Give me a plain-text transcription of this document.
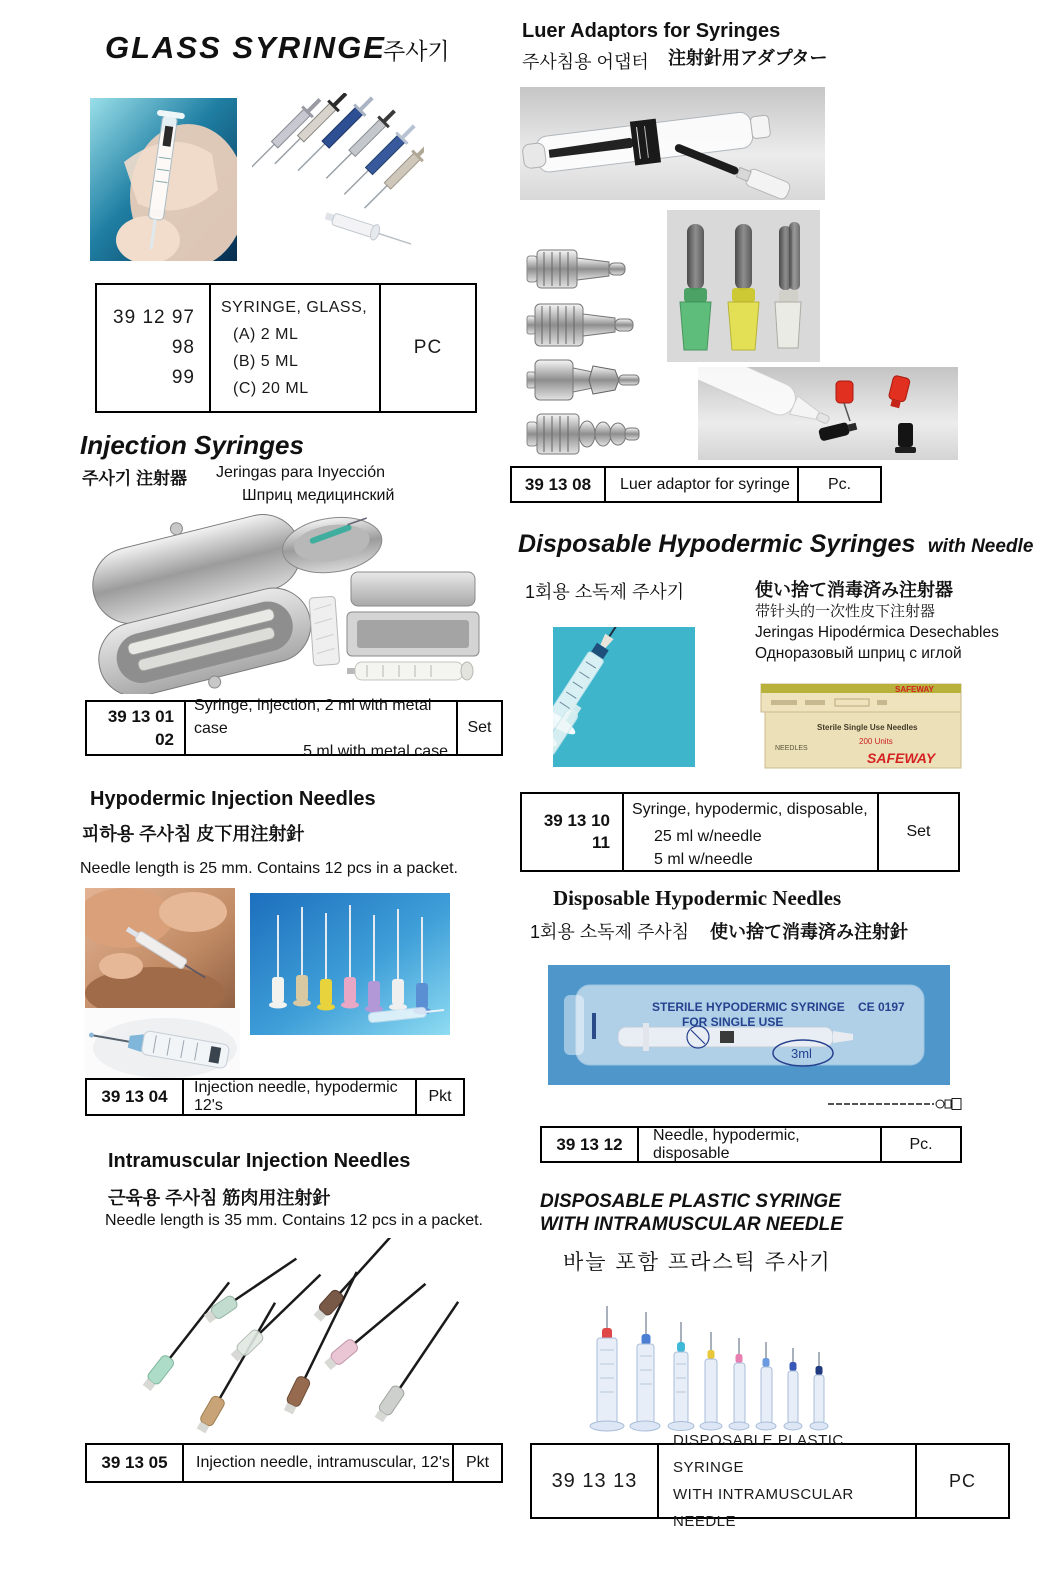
GLASS SYRINGE
주사기
39 12 97
98
99
SYRINGE, GLASS,
(A) 2 ML
(B) 5 ML
(C) 20 ML
PC
Injection Syringes
주사기 注射器 Jeringas para Inyección
Шприц медицинский
39 13 01
02
Syringe, injection, 2 ml with metal case
5 ml with metal case
Set
Hypodermic Injection Needles
피하용 주사침 皮下用注射針
Needle length is 25 mm. Contains 12 pcs in a packet.
39 13 04 Injection needle, hypodermic 12's
Pkt
Intramuscular Injection Needles
근육용 주사침 筋肉用注射針
Needle length is 35 mm. Contains 12 pcs in a packet.
39 13 05 Injection needle, intramuscular, 12's Pkt
Luer Adaptors for Syringes
주사침용 어댑터 注射針用アダプター
39 13 08 Luer adaptor for syringe	Pc.
Disposable Hypodermic Syringes with Needle
1회용 소독제 주사기	使い捨て消毒済み注射器
带针头的一次性皮下注射器
Jeringas Hipodérmica Desechables
Одноразовый шприц с иглой
SAFEWAY
Sterile Single Use Needles
200 Units
NEEDLES
SAFEWAY
39 13 10
11
Syringe, hypodermic, disposable,
25 ml w/needle
5 ml w/needle
Set
Disposable Hypodermic Needles
1회용 소독제 주사침 使い捨て消毒済み注射針
STERILE HYPODERMIC SYRINGE
FOR SINGLE USE
CE 0197
3ml
39 13 12 Needle, hypodermic, disposable
Pc.
DISPOSABLE PLASTIC SYRINGE
WITH INTRAMUSCULAR NEEDLE
바늘 포함 프라스틱 주사기
39 13 13
DISPOSABLE PLASTIC SYRINGE
WITH INTRAMUSCULAR NEEDLE
PC
